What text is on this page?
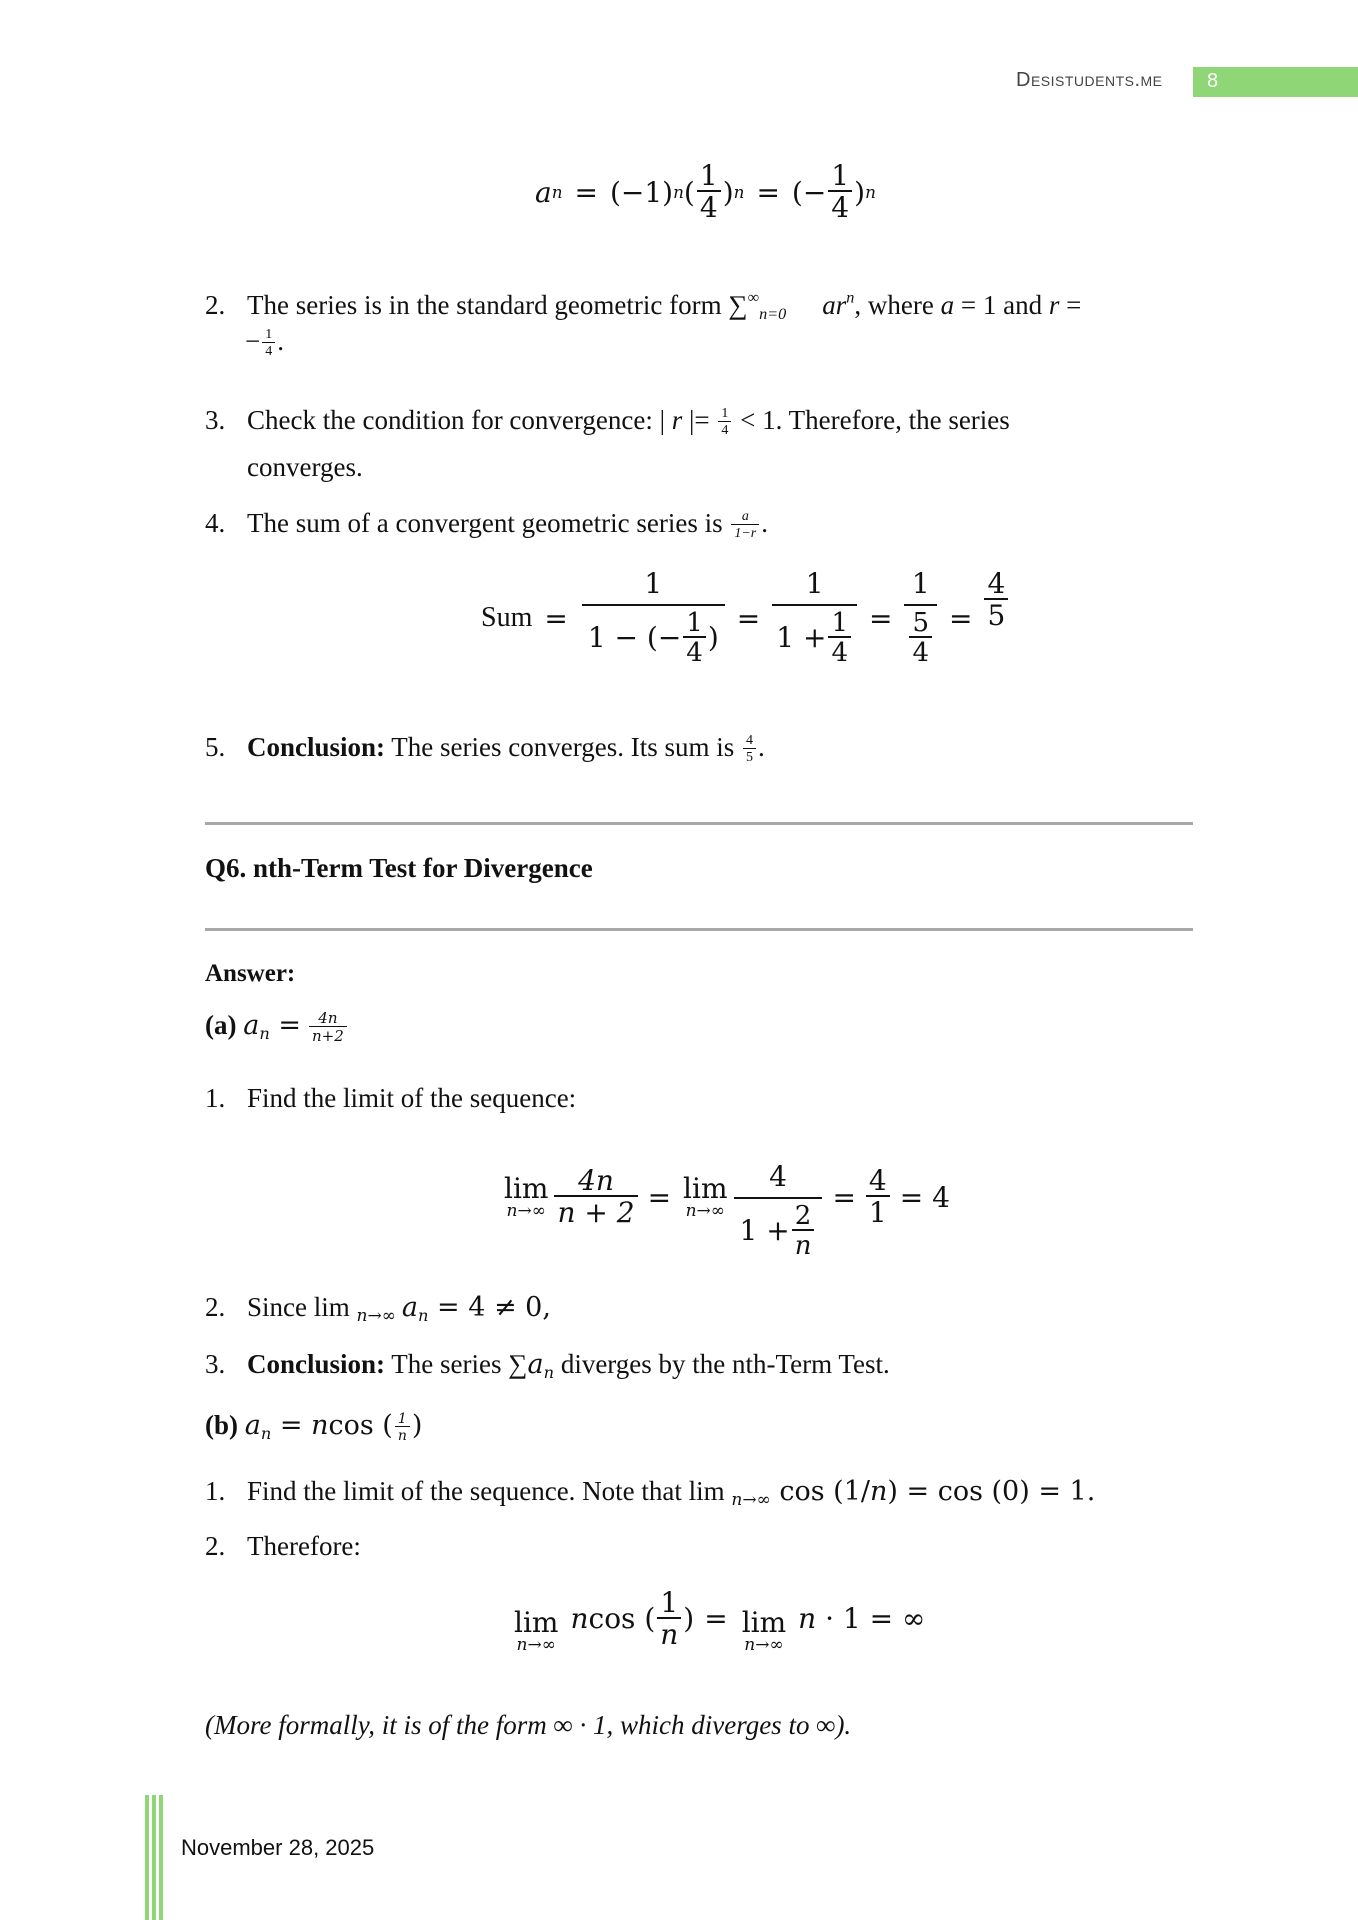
Desistudents.me 8
a n = (−1) n ( $\frac{1}{4}$ ) n = (− $\frac{1}{4}$ ) n
2. The series is in the standard geometric form $\sum^\infty_{n=0}$ $ar^n$, where a = 1 and r =
− $\frac{1}{4}$ .
3. Check the condition for convergence: | r |= $\frac{1}{4} < 1$. Therefore, the series
converges.
4. The sum of a convergent geometric series is $\frac{a}{1-r}$ .
Sum = $\frac{1}{1 - (- \frac{1}{4} )} = \frac{1}{1 + \frac{1}{4}} = \frac{1}{\frac{5}{4}} = \frac{4}{5}$
5. Conclusion: The series converges. Its sum is $\frac{4}{5}$ .
Q6. nth-Term Test for Divergence
Answer:
(a) $a_n = \frac{4n}{n+2}$
1. Find the limit of the sequence:
lim
$n\to\infty \frac{4n}{n + 2} = \lim$
$n\to\infty \frac{4}{1 + \frac{2}{n}} = \frac{4}{1} = 4$
2. Since lim $_{n\to\infty}$ $a_n = 4 \ne 0$,
3. Conclusion: The series $\sum a_n$ diverges by the nth-Term Test.
(b) $a_n = ncos$ ( $\frac{1}{n}$ )
1. Find the limit of the sequence. Note that lim $_{n\to\infty}$ cos (1/n) = cos (0) = 1.
2. Therefore:
lim
n→∞
n cos ( $\frac{1}{n}$ ) = lim
n→∞
n · 1 = ∞
(More formally, it is of the form ∞ · 1, which diverges to ∞).
November 28, 2025
